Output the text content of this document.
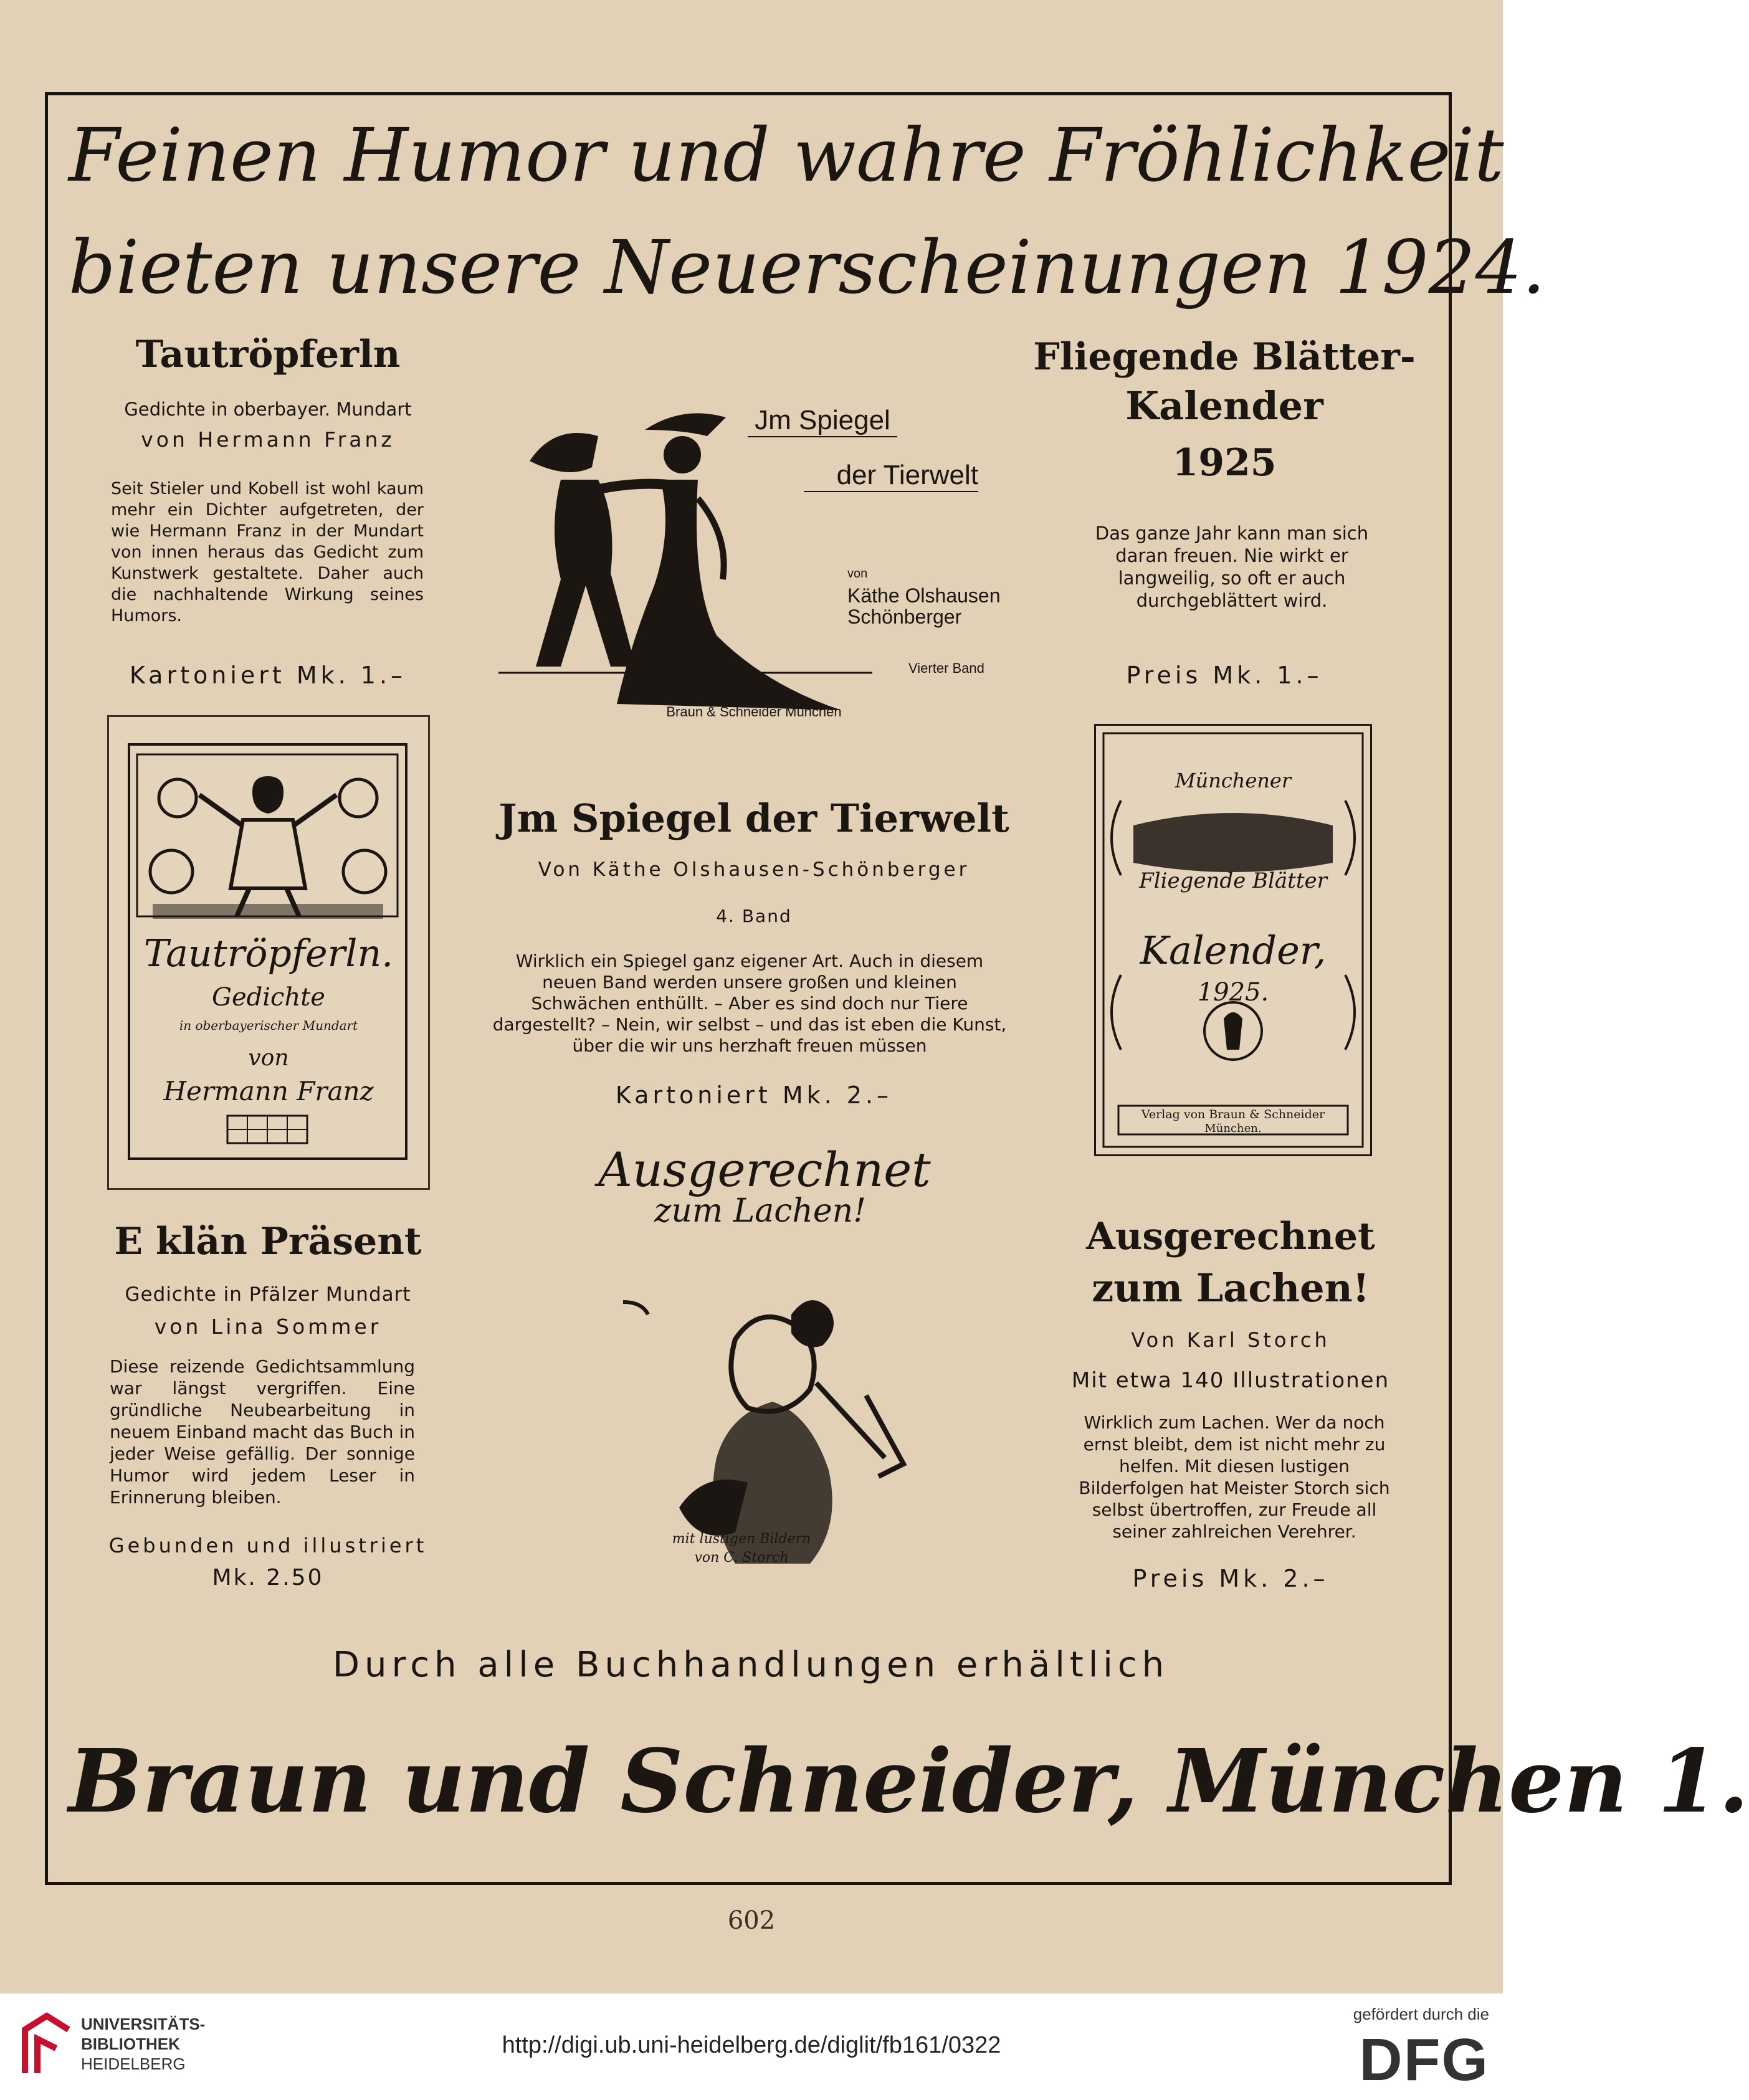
Feinen Humor und wahre Fröhlichkeit
bieten unsere Neuerscheinungen 1924.
Tautröpferln
Gedichte in oberbayer. Mundart
von Hermann Franz
Seit Stieler und Kobell ist wohl kaum mehr ein Dichter aufgetreten, der wie Hermann Franz in der Mundart von innen heraus das Gedicht zum Kunstwerk gestaltete. Daher auch die nachhaltende Wirkung seines Humors.
Kartoniert Mk. 1.–
Tautröpferln.
Gedichte
in oberbayerischer Mundart
von
Hermann Franz
Jm Spiegel
der Tierwelt
von
Käthe Olshausen
Schönberger
Vierter Band
Braun & Schneider München
Fliegende Blätter-
Kalender
1925
Das ganze Jahr kann man sich daran freuen. Nie wirkt er langweilig, so oft er auch durchgeblättert wird.
Preis Mk. 1.–
Münchener
Fliegende Blätter
Kalender,
1925.
Verlag von Braun & Schneider
München.
Jm Spiegel der Tierwelt
Von Käthe Olshausen-Schönberger
4. Band
Wirklich ein Spiegel ganz eigener Art. Auch in diesem neuen Band werden unsere großen und kleinen Schwächen enthüllt. – Aber es sind doch nur Tiere dargestellt? – Nein, wir selbst – und das ist eben die Kunst, über die wir uns herzhaft freuen müssen
Kartoniert Mk. 2.–
Ausgerechnet
zum Lachen!
mit lustigen Bildern
von C. Storch
E klän Präsent
Gedichte in Pfälzer Mundart
von Lina Sommer
Diese reizende Gedichtsammlung war längst vergriffen. Eine gründliche Neubearbeitung in neuem Einband macht das Buch in jeder Weise gefällig. Der sonnige Humor wird jedem Leser in Erinnerung bleiben.
Gebunden und illustriert
Mk. 2.50
Ausgerechnet
zum Lachen!
Von Karl Storch
Mit etwa 140 Illustrationen
Wirklich zum Lachen. Wer da noch ernst bleibt, dem ist nicht mehr zu helfen. Mit diesen lustigen Bilderfolgen hat Meister Storch sich selbst übertroffen, zur Freude all seiner zahlreichen Verehrer.
Preis Mk. 2.–
Durch alle Buchhandlungen erhältlich
Braun und Schneider, München 1.
602
UNIVERSITÄTS-
BIBLIOTHEK
HEIDELBERG
http://digi.ub.uni-heidelberg.de/diglit/fb161/0322
gefördert durch die
DFG
